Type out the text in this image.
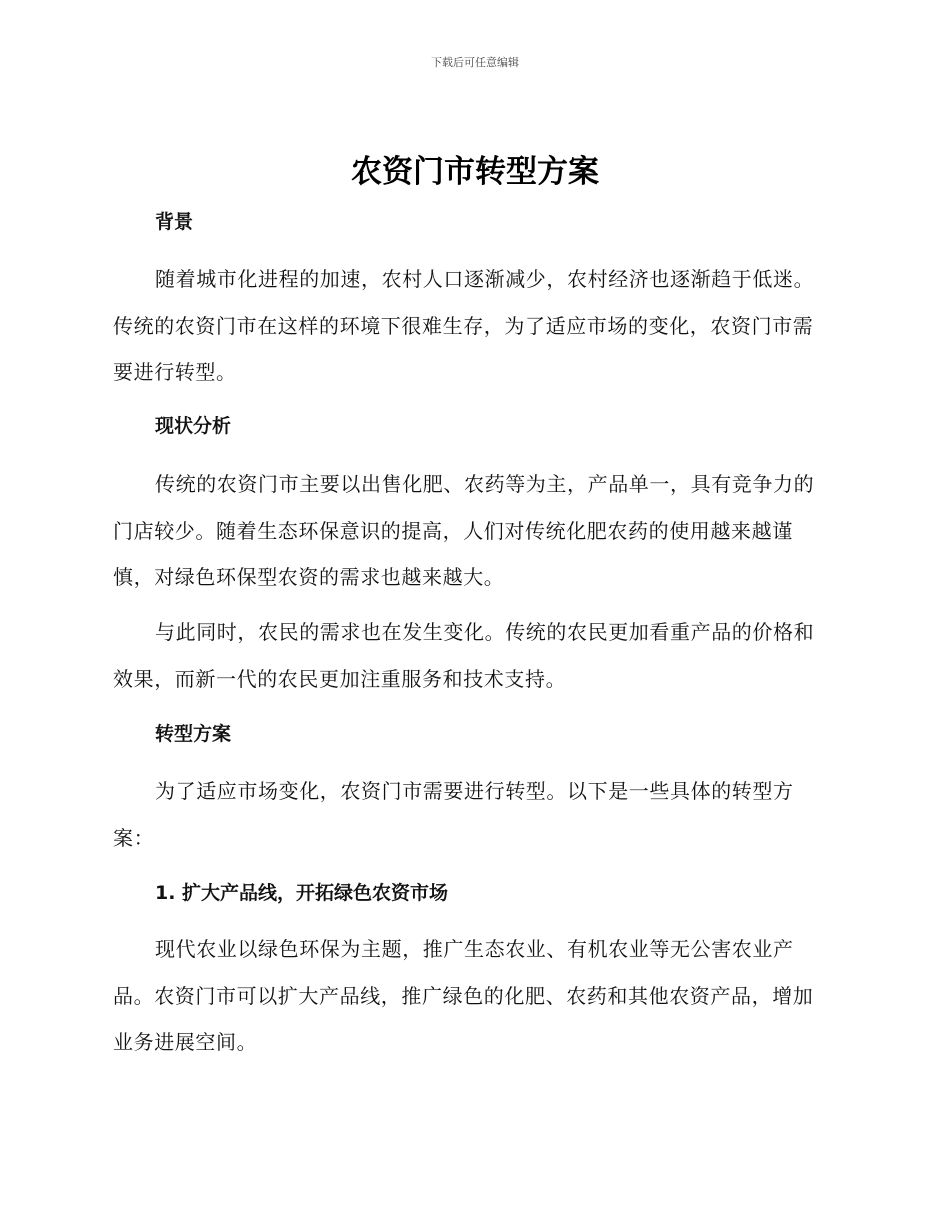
下载后可任意编辑
农资门市转型方案
背景

随着城市化进程的加速，农村人口逐渐减少，农村经济也逐渐趋于低迷。传统的农资门市在这样的环境下很难生存，为了适应市场的变化，农资门市需要进行转型。

现状分析

传统的农资门市主要以出售化肥、农药等为主，产品单一，具有竞争力的门店较少。随着生态环保意识的提高，人们对传统化肥农药的使用越来越谨慎，对绿色环保型农资的需求也越来越大。

与此同时，农民的需求也在发生变化。传统的农民更加看重产品的价格和效果，而新一代的农民更加注重服务和技术支持。

转型方案

为了适应市场变化，农资门市需要进行转型。以下是一些具体的转型方案：

1. 扩大产品线，开拓绿色农资市场

现代农业以绿色环保为主题，推广生态农业、有机农业等无公害农业产品。农资门市可以扩大产品线，推广绿色的化肥、农药和其他农资产品，增加业务进展空间。
